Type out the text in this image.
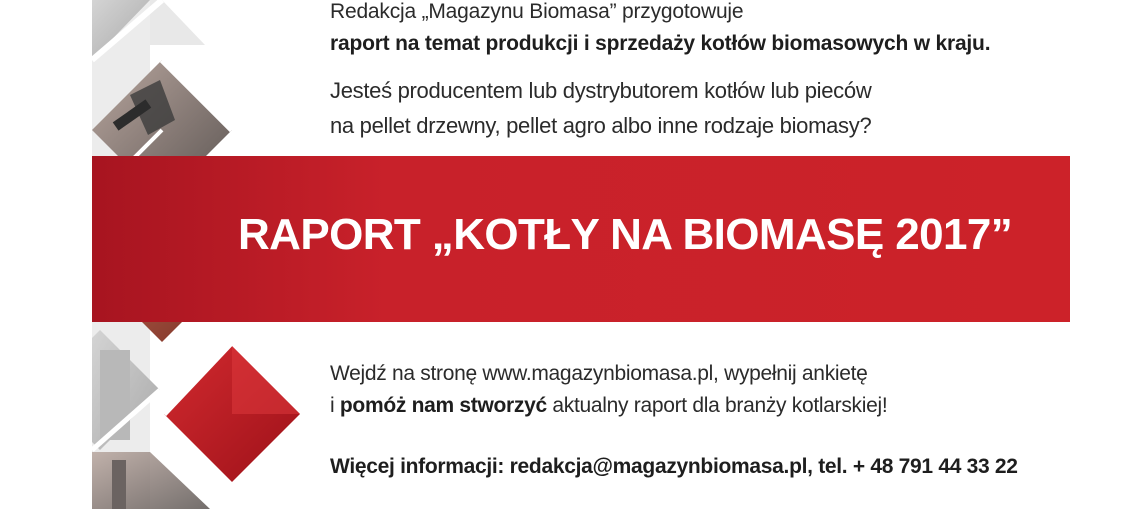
Redakcja „Magazynu Biomasa” przygotowuje
raport na temat produkcji i sprzedaży kotłów biomasowych w kraju.
Jesteś producentem lub dystrybutorem kotłów lub pieców
na pellet drzewny, pellet agro albo inne rodzaje biomasy?
RAPORT „KOTŁY NA BIOMASĘ 2017”
Wejdź na stronę www.magazynbiomasa.pl, wypełnij ankietę
i pomóż nam stworzyć aktualny raport dla branży kotlarskiej!
Więcej informacji: redakcja@magazynbiomasa.pl, tel. + 48 791 44 33 22
